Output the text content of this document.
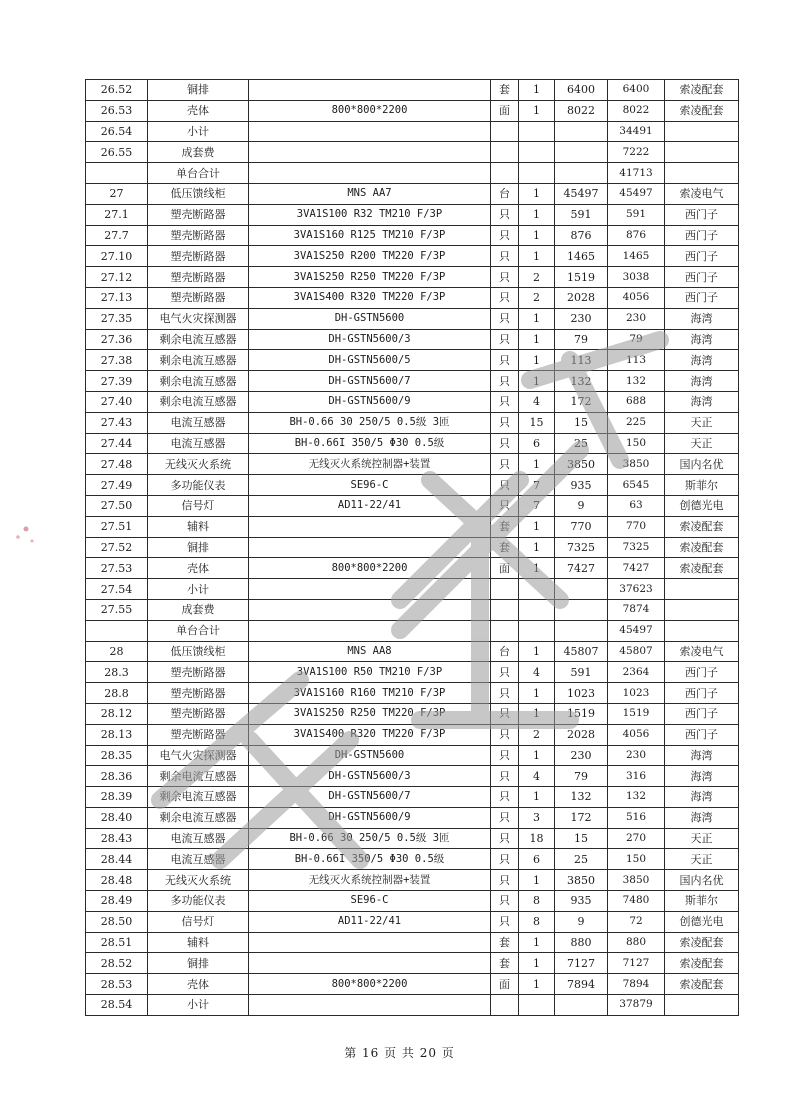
26.52	铜排		套	1	6400	6400	索凌配套
26.53	壳体	800*800*2200	面	1	8022	8022	索凌配套
26.54	小计					34491	
26.55	成套费					7222	
	单台合计					41713	
27	低压馈线柜	MNS AA7	台	1	45497	45497	索凌电气
27.1	塑壳断路器	3VA1S100 R32 TM210 F/3P	只	1	591	591	西门子
27.7	塑壳断路器	3VA1S160 R125 TM210 F/3P	只	1	876	876	西门子
27.10	塑壳断路器	3VA1S250 R200 TM220 F/3P	只	1	1465	1465	西门子
27.12	塑壳断路器	3VA1S250 R250 TM220 F/3P	只	2	1519	3038	西门子
27.13	塑壳断路器	3VA1S400 R320 TM220 F/3P	只	2	2028	4056	西门子
27.35	电气火灾探测器	DH-GSTN5600	只	1	230	230	海湾
27.36	剩余电流互感器	DH-GSTN5600/3	只	1	79	79	海湾
27.38	剩余电流互感器	DH-GSTN5600/5	只	1	113	113	海湾
27.39	剩余电流互感器	DH-GSTN5600/7	只	1	132	132	海湾
27.40	剩余电流互感器	DH-GSTN5600/9	只	4	172	688	海湾
27.43	电流互感器	BH-0.66 30 250/5 0.5级 3匝	只	15	15	225	天正
27.44	电流互感器	BH-0.66I 350/5 Φ30 0.5级	只	6	25	150	天正
27.48	无线灭火系统	无线灭火系统控制器+装置	只	1	3850	3850	国内名优
27.49	多功能仪表	SE96-C	只	7	935	6545	斯菲尔
27.50	信号灯	AD11-22/41	只	7	9	63	创德光电
27.51	辅料		套	1	770	770	索凌配套
27.52	铜排		套	1	7325	7325	索凌配套
27.53	壳体	800*800*2200	面	1	7427	7427	索凌配套
27.54	小计					37623	
27.55	成套费					7874	
	单台合计					45497	
28	低压馈线柜	MNS AA8	台	1	45807	45807	索凌电气
28.3	塑壳断路器	3VA1S100 R50 TM210 F/3P	只	4	591	2364	西门子
28.8	塑壳断路器	3VA1S160 R160 TM210 F/3P	只	1	1023	1023	西门子
28.12	塑壳断路器	3VA1S250 R250 TM220 F/3P	只	1	1519	1519	西门子
28.13	塑壳断路器	3VA1S400 R320 TM220 F/3P	只	2	2028	4056	西门子
28.35	电气火灾探测器	DH-GSTN5600	只	1	230	230	海湾
28.36	剩余电流互感器	DH-GSTN5600/3	只	4	79	316	海湾
28.39	剩余电流互感器	DH-GSTN5600/7	只	1	132	132	海湾
28.40	剩余电流互感器	DH-GSTN5600/9	只	3	172	516	海湾
28.43	电流互感器	BH-0.66 30 250/5 0.5级 3匝	只	18	15	270	天正
28.44	电流互感器	BH-0.66I 350/5 Φ30 0.5级	只	6	25	150	天正
28.48	无线灭火系统	无线灭火系统控制器+装置	只	1	3850	3850	国内名优
28.49	多功能仪表	SE96-C	只	8	935	7480	斯菲尔
28.50	信号灯	AD11-22/41	只	8	9	72	创德光电
28.51	辅料		套	1	880	880	索凌配套
28.52	铜排		套	1	7127	7127	索凌配套
28.53	壳体	800*800*2200	面	1	7894	7894	索凌配套
28.54	小计					37879	
第 16 页 共 20 页
